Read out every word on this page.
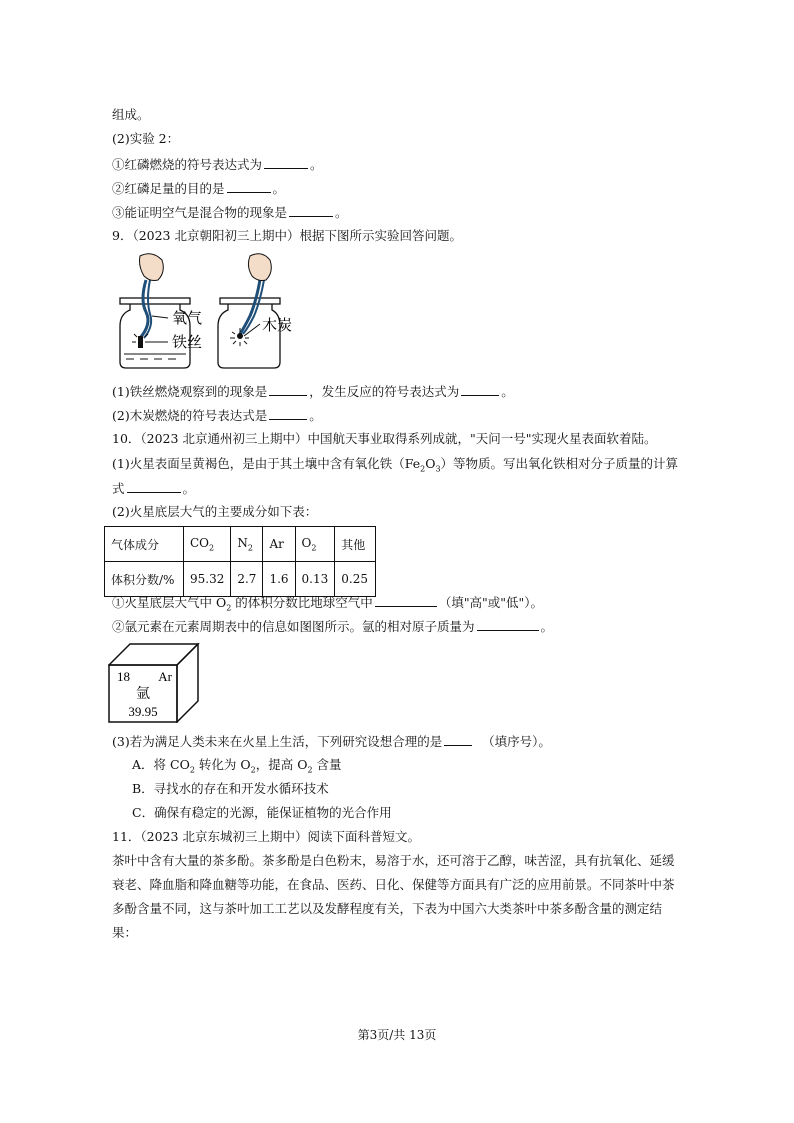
组成。
(2)实验 2：
①红磷燃烧的符号表达式为	。
②红磷足量的目的是	。
③能证明空气是混合物的现象是	。
9．（2023 北京朝阳初三上期中）根据下图所示实验回答问题。
氧气
铁丝
木炭
(1)铁丝燃烧观察到的现象是	，发生反应的符号表达式为	。
(2)木炭燃烧的符号表达式是	。
10．（2023 北京通州初三上期中）中国航天事业取得系列成就，"天问一号"实现火星表面软着陆。
(1)火星表面呈黄褐色，是由于其土壤中含有氧化铁$(Fe_2O_3)$等物质。写出氧化铁相对分子质量的计算
式	。
(2)火星底层大气的主要成分如下表：
气体成分	$CO_2$	$N_2$	Ar	$O_2$	其他
体积分数/%	95.32	2.7	1.6	0.13	0.25
①火星底层大气中 $O_2$ 的体积分数比地球空气中	（填"高"或"低"）。
②氩元素在元素周期表中的信息如图图所示。氩的相对原子质量为	。
18 Ar
氩
39.95
(3)若为满足人类未来在火星上生活，下列研究设想合理的是	（填序号）。
A．将 $CO_2$ 转化为 $O_2$，提高 $O_2$ 含量
B．寻找水的存在和开发水循环技术
C．确保有稳定的光源，能保证植物的光合作用
11．（2023 北京东城初三上期中）阅读下面科普短文。
茶叶中含有大量的茶多酚。茶多酚是白色粉末，易溶于水，还可溶于乙醇，味苦涩，具有抗氧化、延缓衰老、降血脂和降血糖等功能，在食品、医药、日化、保健等方面具有广泛的应用前景。不同茶叶中茶多酚含量不同，这与茶叶加工工艺以及发酵程度有关，下表为中国六大类茶叶中茶多酚含量的测定结果：
第3页/共 13页
